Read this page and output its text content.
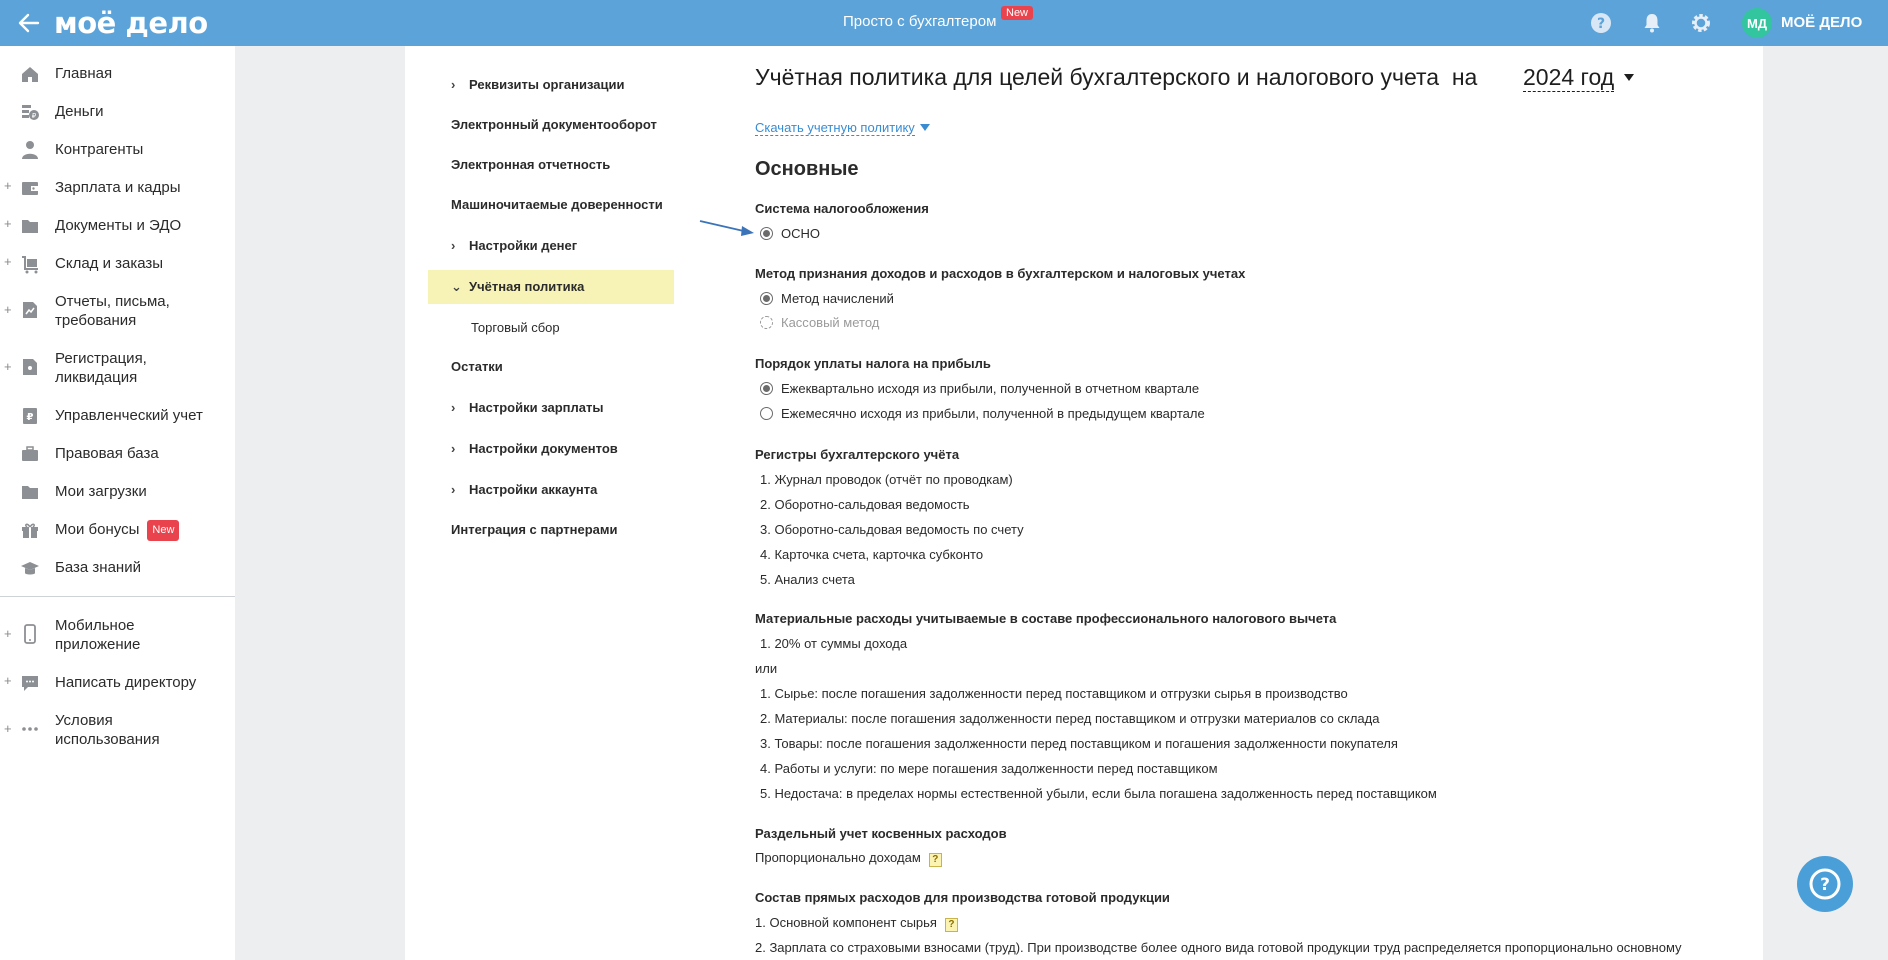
моё дело	Просто с бухгалтером New
?	МД МОЁ ДЕЛО
Главная
₽ Деньги
Контрагенты
+	Зарплата и кадры
+	Документы и ЭДО
+	Склад и заказы
+	Отчеты, письма, требования
+	Регистрация, ликвидация
₽ Управленческий учет
Правовая база
Мои загрузки
Мои бонусы New
База знаний
+	Мобильное приложение
+	Написать директору
+	Условия использования
› Реквизиты организации
Электронный документооборот
Электронная отчетность
Машиночитаемые доверенности
› Настройки денег
⌄ Учётная политика
Торговый сбор
Остатки
› Настройки зарплаты
› Настройки документов
› Настройки аккаунта
Интеграция с партнерами
Учётная политика для целей бухгалтерского и налогового учета на 2024 год
Скачать учетную политику
Основные
Система налогообложения
ОСНО
Метод признания доходов и расходов в бухгалтерском и налоговых учетах
Метод начислений
Кассовый метод
Порядок уплаты налога на прибыль
Ежеквартально исходя из прибыли, полученной в отчетном квартале
Ежемесячно исходя из прибыли, полученной в предыдущем квартале
Регистры бухгалтерского учёта
1. Журнал проводок (отчёт по проводкам)
2. Оборотно-сальдовая ведомость
3. Оборотно-сальдовая ведомость по счету
4. Карточка счета, карточка субконто
5. Анализ счета
Материальные расходы учитываемые в составе профессионального налогового вычета
1. 20% от суммы дохода
или
1. Сырье: после погашения задолженности перед поставщиком и отгрузки сырья в производство
2. Материалы: после погашения задолженности перед поставщиком и отгрузки материалов со склада
3. Товары: после погашения задолженности перед поставщиком и погашения задолженности покупателя
4. Работы и услуги: по мере погашения задолженности перед поставщиком
5. Недостача: в пределах нормы естественной убыли, если была погашена задолженность перед поставщиком
Раздельный учет косвенных расходов
Пропорционально доходам ?
Состав прямых расходов для производства готовой продукции
1. Основной компонент сырья ?
2. Зарплата со страховыми взносами (труд). При производстве более одного вида готовой продукции труд распределяется пропорционально основному
?
